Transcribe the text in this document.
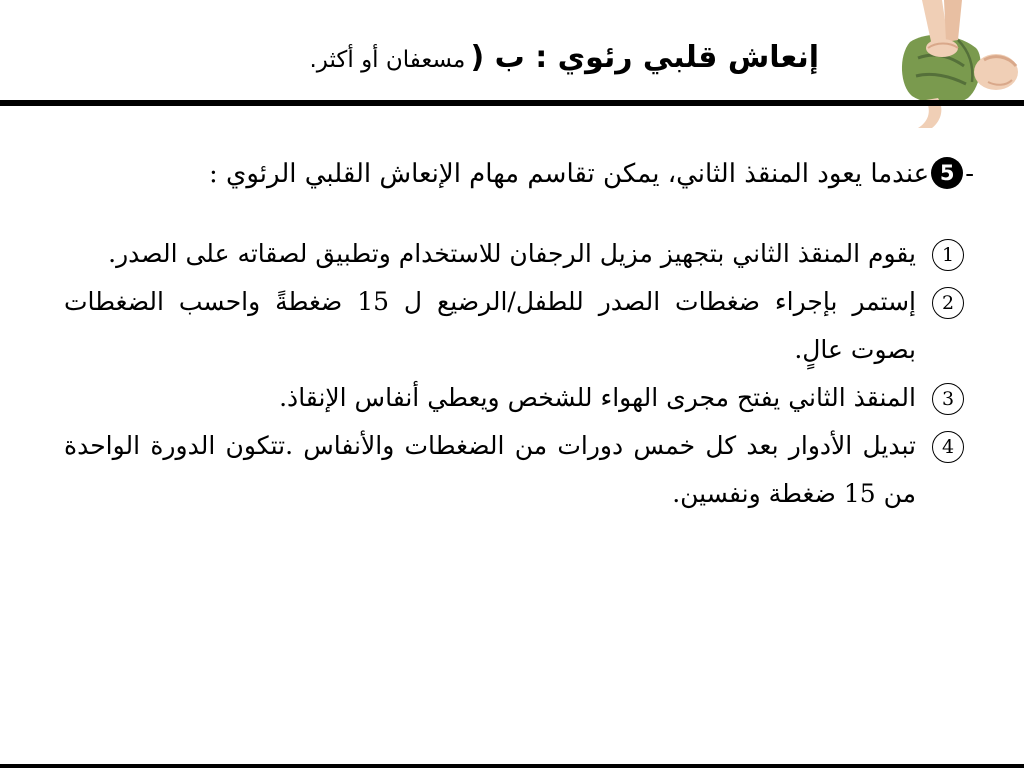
إنعاش قلبي رئوي : ب ( مسعفان أو أكثر.
-5عندما يعود المنقذ الثاني، يمكن تقاسم مهام الإنعاش القلبي الرئوي :
1
يقوم المنقذ الثاني بتجهيز مزيل الرجفان للاستخدام وتطبيق لصقاته على الصدر.
2
إستمر بإجراء ضغطات الصدر للطفل/الرضيع ل 15 ضغطةً واحسب الضغطات بصوت عالٍ.
3
المنقذ الثاني يفتح مجرى الهواء للشخص ويعطي أنفاس الإنقاذ.
4
تبديل الأدوار بعد كل خمس دورات من الضغطات والأنفاس .تتكون الدورة الواحدة من 15 ضغطة ونفسين.
